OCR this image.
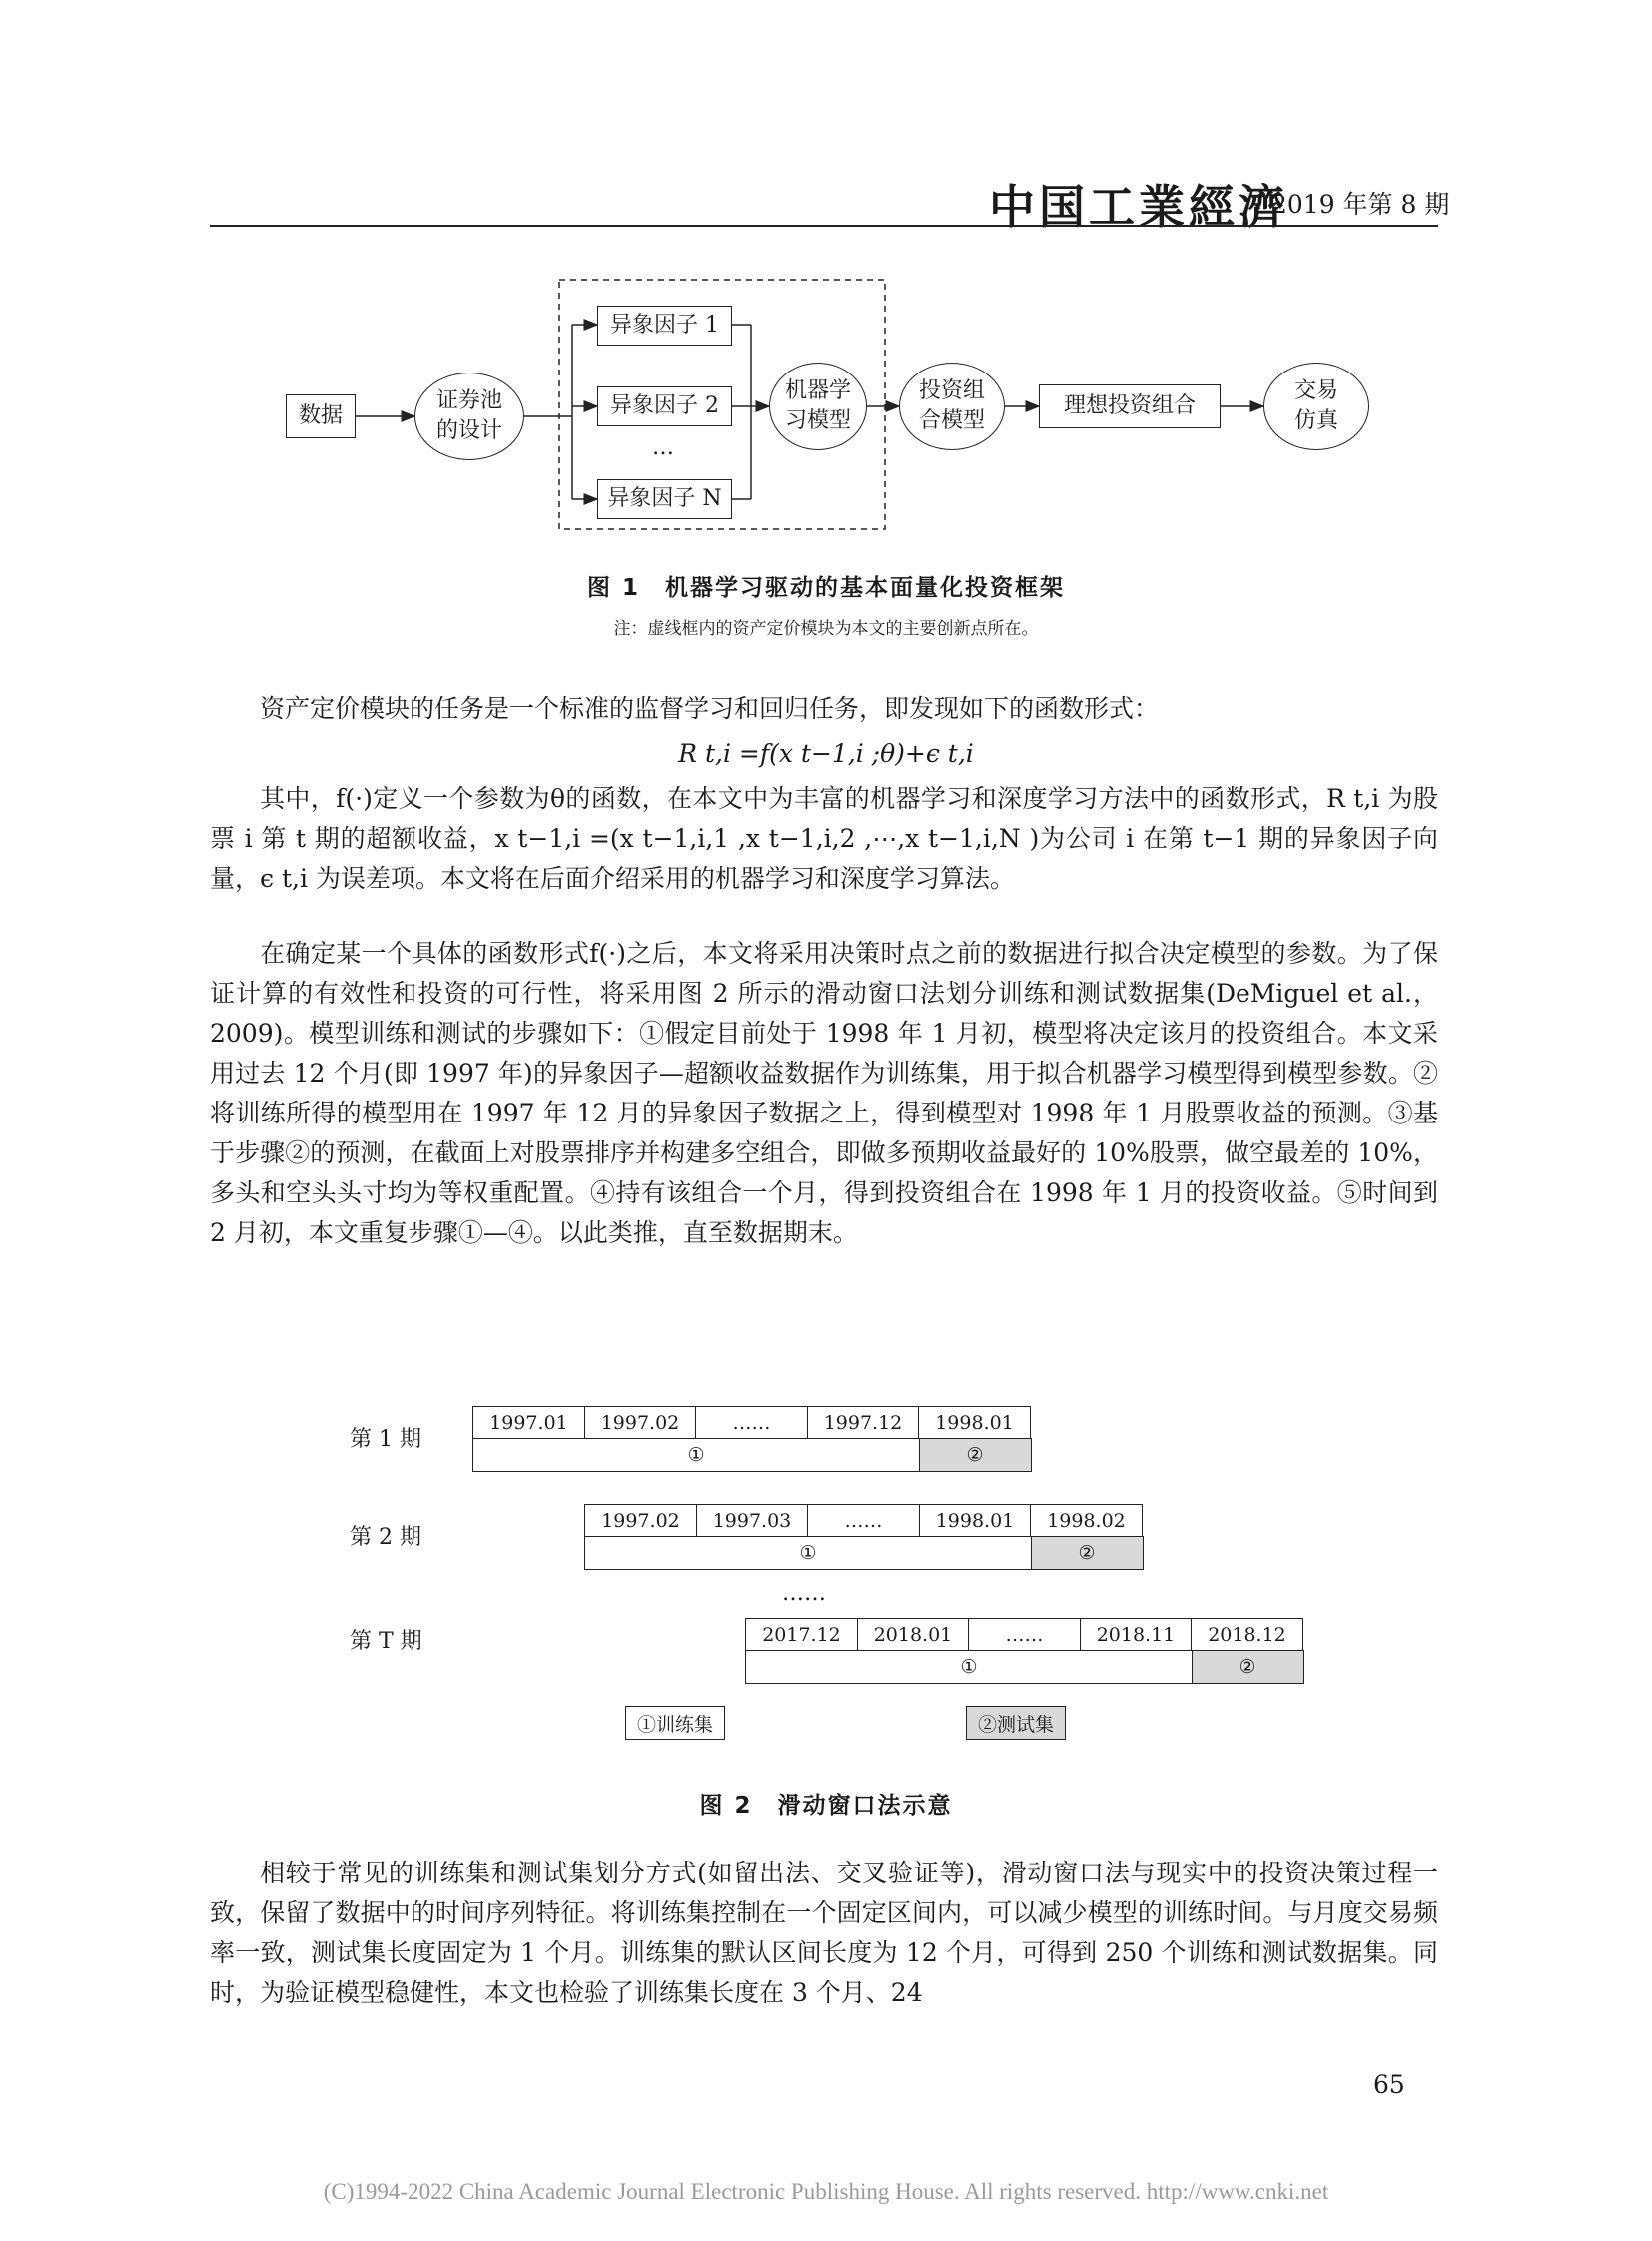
中国工業經濟
2019 年第 8 期
数据
证券池
的设计
异象因子 1
异象因子 2
…
异象因子 N
机器学
习模型
投资组
合模型
理想投资组合
交易
仿真
图 1　机器学习驱动的基本面量化投资框架
注：虚线框内的资产定价模块为本文的主要创新点所在。

资产定价模块的任务是一个标准的监督学习和回归任务，即发现如下的函数形式：

R t,i =f(x t−1,i ;θ)+ϵ t,i

其中，f(·)定义一个参数为θ的函数，在本文中为丰富的机器学习和深度学习方法中的函数形式，R t,i 为股票 i 第 t 期的超额收益，x t−1,i =(x t−1,i,1 ,x t−1,i,2 ,⋯,x t−1,i,N )为公司 i 在第 t−1 期的异象因子向量，ϵ t,i 为误差项。本文将在后面介绍采用的机器学习和深度学习算法。

在确定某一个具体的函数形式f(·)之后，本文将采用决策时点之前的数据进行拟合决定模型的参数。为了保证计算的有效性和投资的可行性，将采用图 2 所示的滑动窗口法划分训练和测试数据集(DeMiguel et al.，2009)。模型训练和测试的步骤如下：①假定目前处于 1998 年 1 月初，模型将决定该月的投资组合。本文采用过去 12 个月(即 1997 年)的异象因子—超额收益数据作为训练集，用于拟合机器学习模型得到模型参数。②将训练所得的模型用在 1997 年 12 月的异象因子数据之上，得到模型对 1998 年 1 月股票收益的预测。③基于步骤②的预测，在截面上对股票排序并构建多空组合，即做多预期收益最好的 10%股票，做空最差的 10%，多头和空头头寸均为等权重配置。④持有该组合一个月，得到投资组合在 1998 年 1 月的投资收益。⑤时间到 2 月初，本文重复步骤①—④。以此类推，直至数据期末。

第 1 期
1997.01	1997.02	……	1997.12	1998.01
①	②
第 2 期
1997.02	1997.03	……	1998.01	1998.02
①	②
……
第 T 期	2017.12	2018.01	……	2018.11	2018.12
①	②
①训练集	②测试集
图 2　滑动窗口法示意

相较于常见的训练集和测试集划分方式(如留出法、交叉验证等)，滑动窗口法与现实中的投资决策过程一致，保留了数据中的时间序列特征。将训练集控制在一个固定区间内，可以减少模型的训练时间。与月度交易频率一致，测试集长度固定为 1 个月。训练集的默认区间长度为 12 个月，可得到 250 个训练和测试数据集。同时，为验证模型稳健性，本文也检验了训练集长度在 3 个月、24

65
(C)1994-2022 China Academic Journal Electronic Publishing House. All rights reserved. http://www.cnki.net
